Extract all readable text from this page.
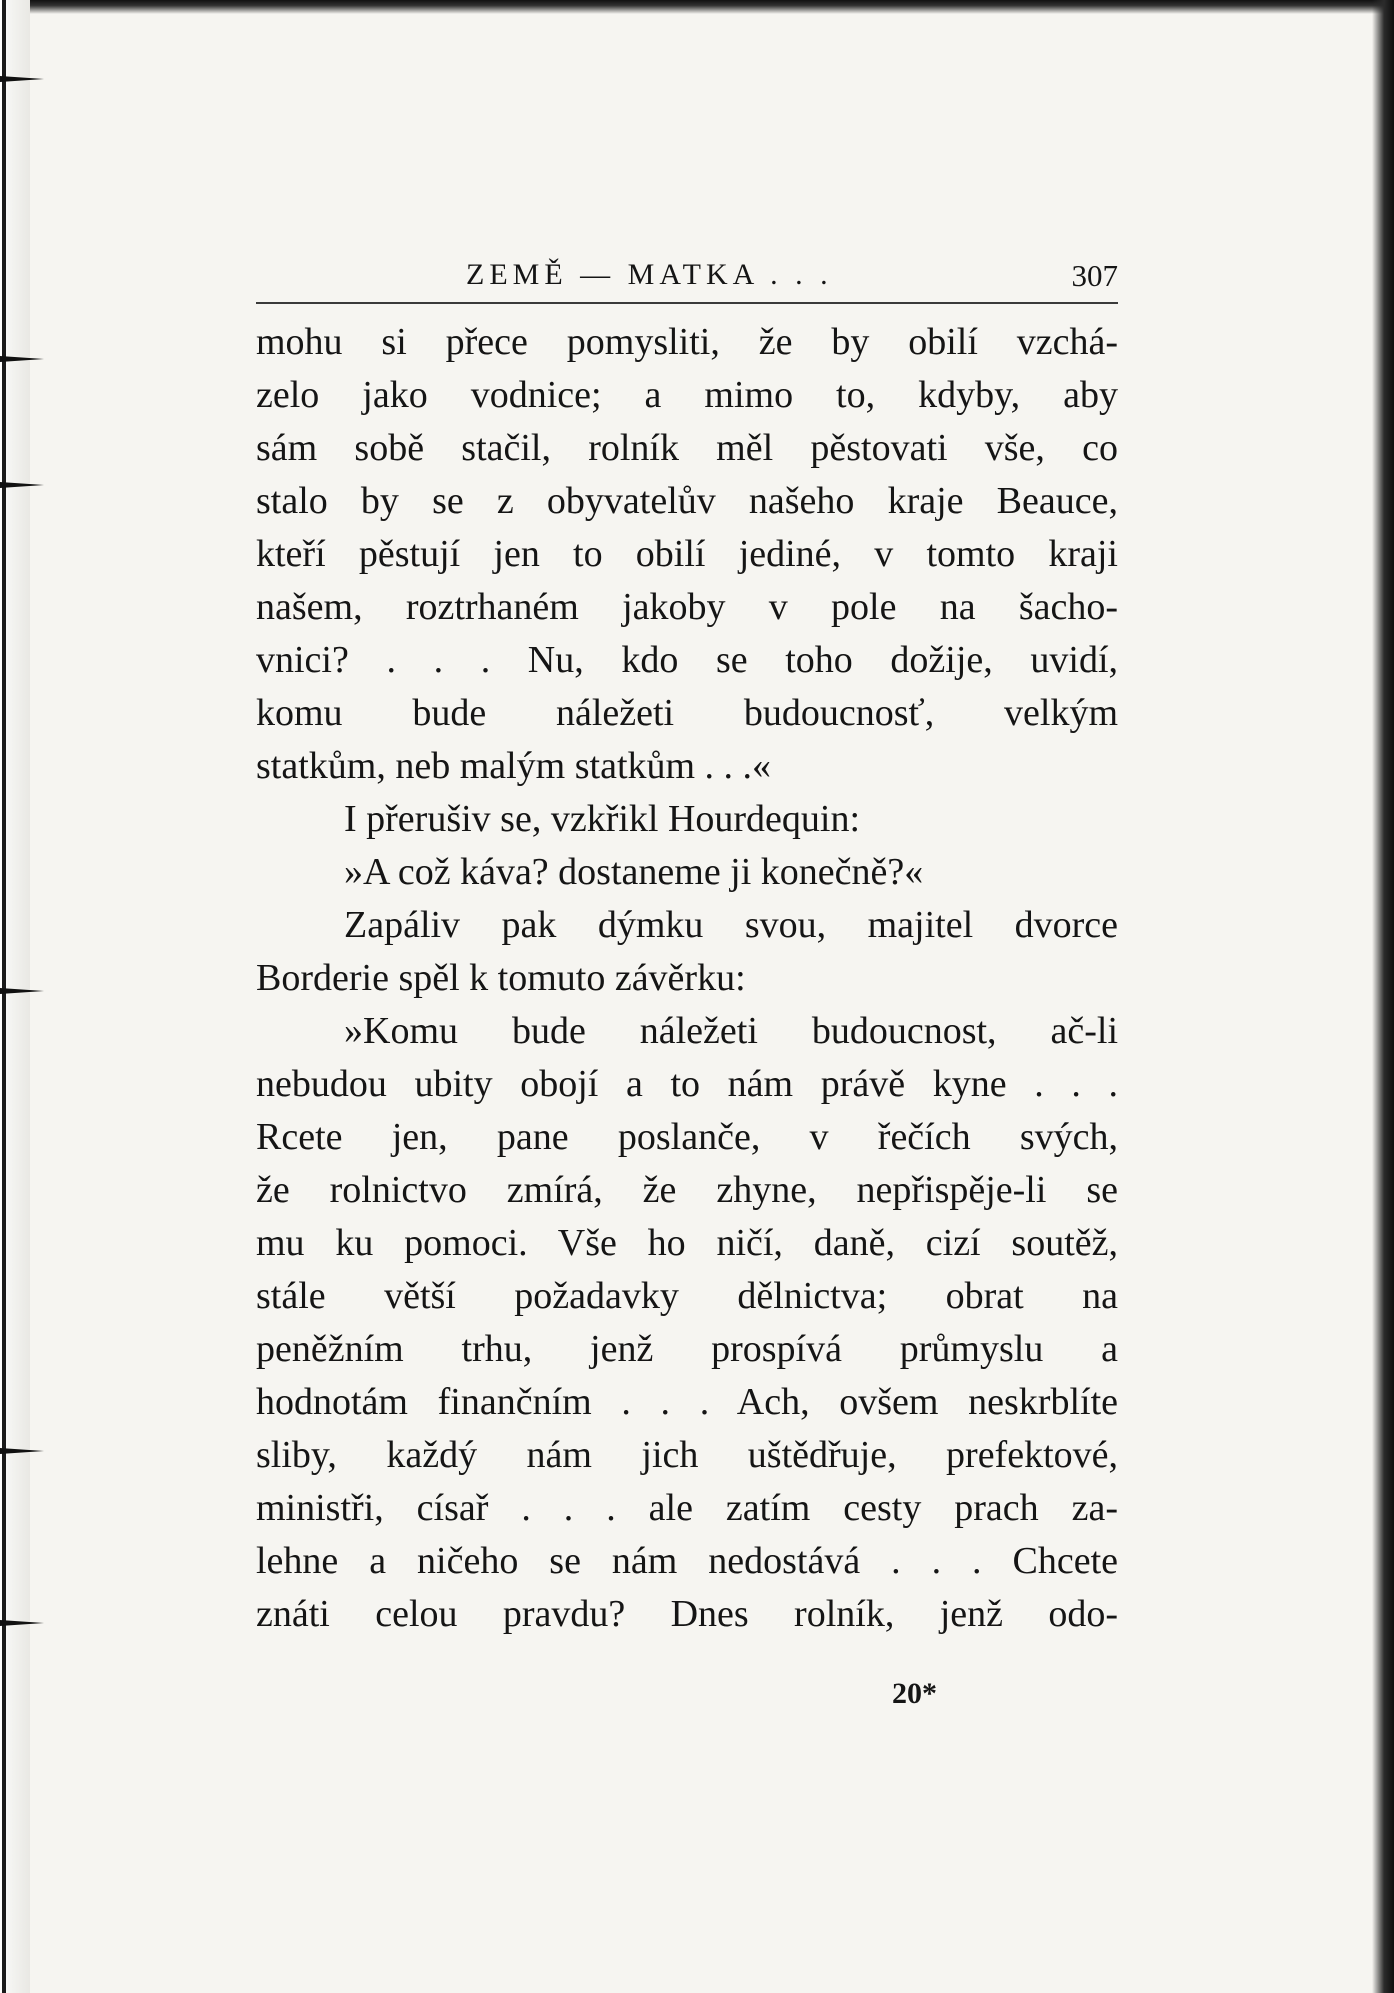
ZEMĚ — MATKA . . .	307
mohu si přece pomysliti, že by obilí vzchá-
zelo jako vodnice; a mimo to, kdyby, aby
sám sobě stačil, rolník měl pěstovati vše, co
stalo by se z obyvatelův našeho kraje Beauce,
kteří pěstují jen to obilí jediné, v tomto kraji
našem, roztrhaném jakoby v pole na šacho-
vnici? . . . Nu, kdo se toho dožije, uvidí,
komu bude náležeti budoucnosť, velkým
statkům, neb malým statkům . . .«
I přerušiv se, vzkřikl Hourdequin:
»A což káva? dostaneme ji konečně?«
Zapáliv pak dýmku svou, majitel dvorce
Borderie spěl k tomuto závěrku:
»Komu bude náležeti budoucnost, ač-li
nebudou ubity obojí a to nám právě kyne . . .
Rcete jen, pane poslanče, v řečích svých,
že rolnictvo zmírá, že zhyne, nepřispěje-li se
mu ku pomoci. Vše ho ničí, daně, cizí soutěž,
stále větší požadavky dělnictva; obrat na
peněžním trhu, jenž prospívá průmyslu a
hodnotám finančním . . . Ach, ovšem neskrblíte
sliby, každý nám jich uštědřuje, prefektové,
ministři, císař . . . ale zatím cesty prach za-
lehne a ničeho se nám nedostává . . . Chcete
znáti celou pravdu? Dnes rolník, jenž odo-
20*
